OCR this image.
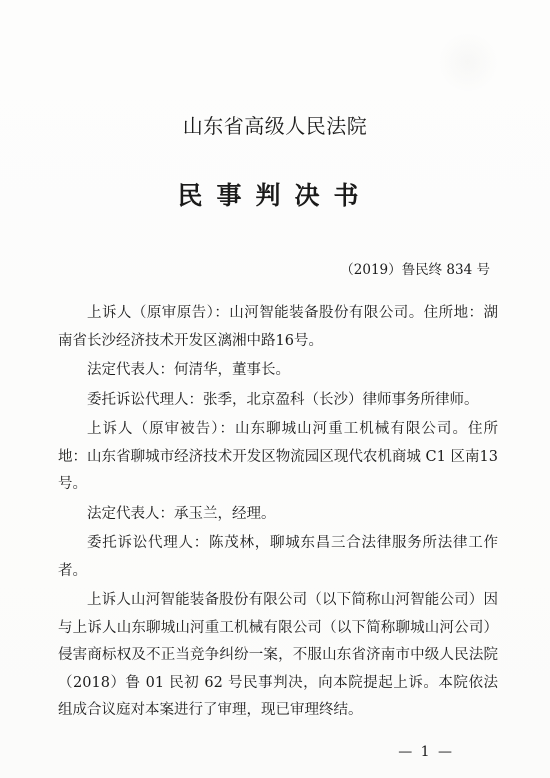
山东省高级人民法院
民事判决书
（2019）鲁民终 834 号

上诉人（原审原告）：山河智能装备股份有限公司。住所地：湖南省长沙经济技术开发区漓湘中路16号。

法定代表人：何清华，董事长。

委托诉讼代理人：张季，北京盈科（长沙）律师事务所律师。

上诉人（原审被告）：山东聊城山河重工机械有限公司。住所地：山东省聊城市经济技术开发区物流园区现代农机商城 C1 区南13号。

法定代表人：承玉兰，经理。

委托诉讼代理人：陈茂林，聊城东昌三合法律服务所法律工作者。

上诉人山河智能装备股份有限公司（以下简称山河智能公司）因与上诉人山东聊城山河重工机械有限公司（以下简称聊城山河公司）侵害商标权及不正当竞争纠纷一案，不服山东省济南市中级人民法院（2018）鲁 01 民初 62 号民事判决，向本院提起上诉。本院依法组成合议庭对本案进行了审理，现已审理终结。

— 1 —
